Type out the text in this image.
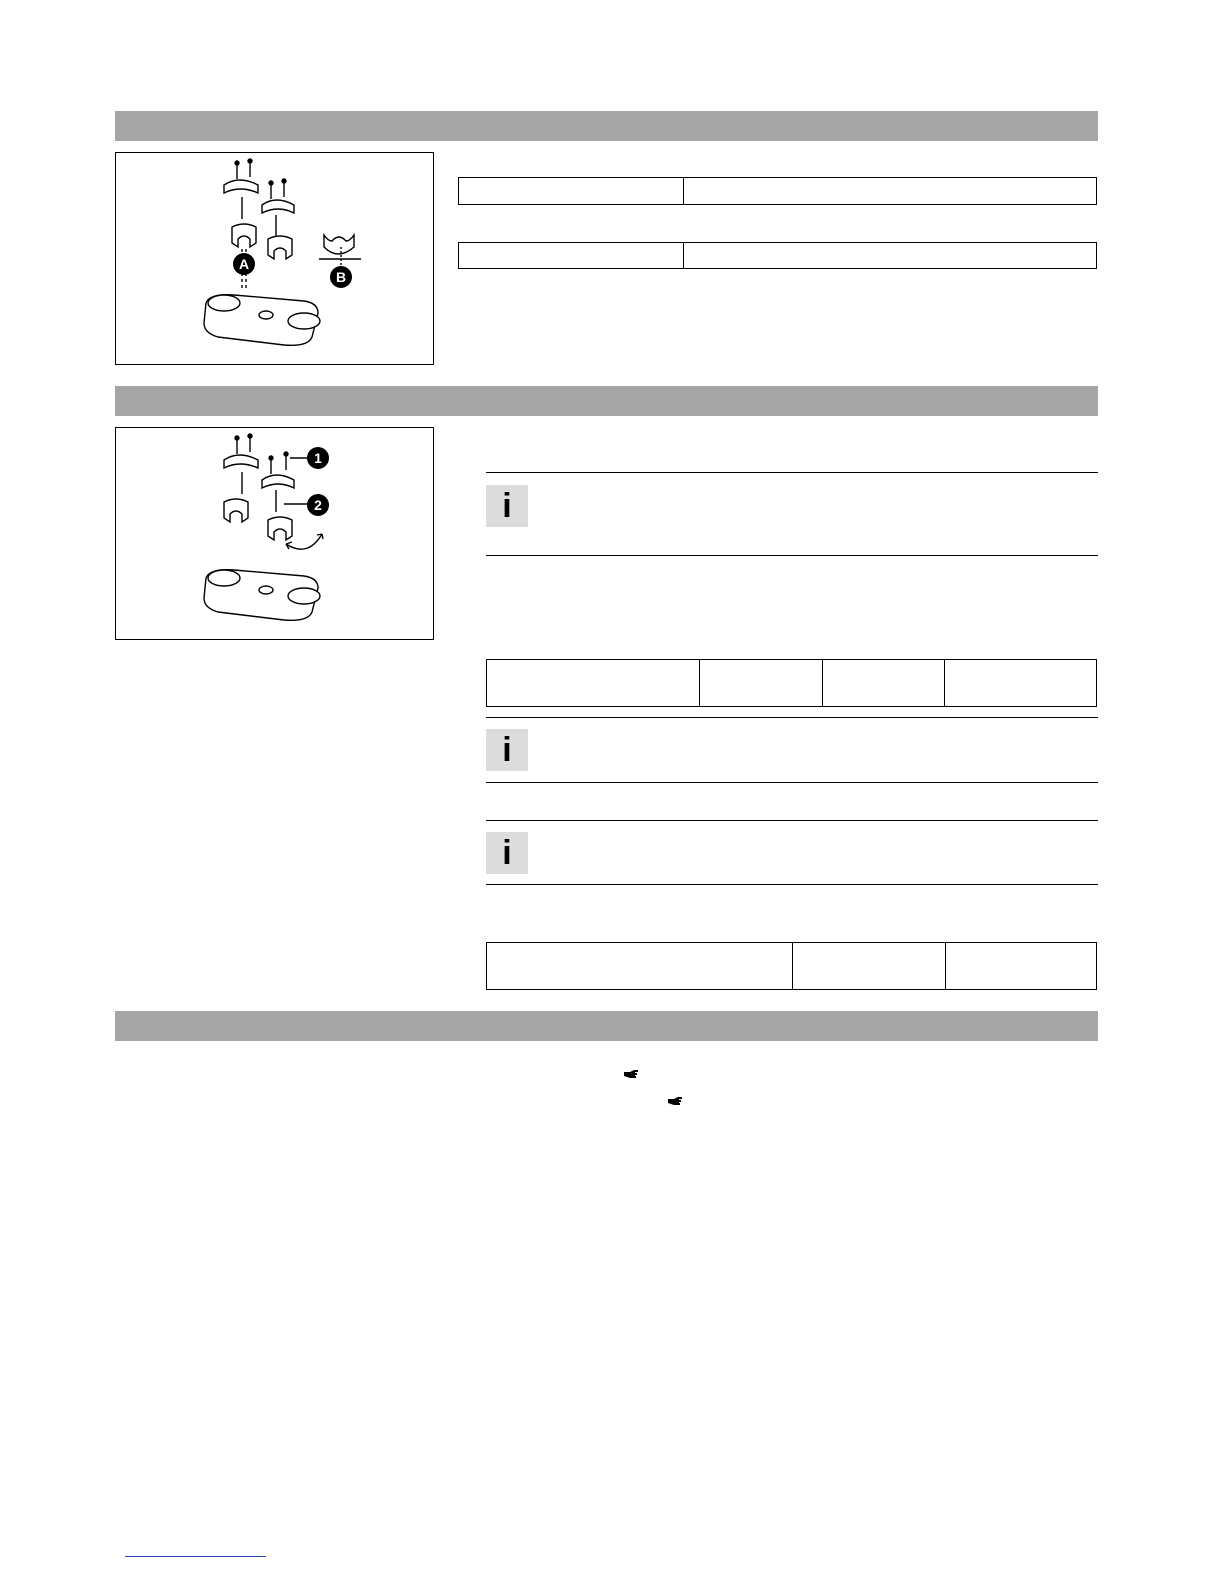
A
B

1
2	i

i
i
